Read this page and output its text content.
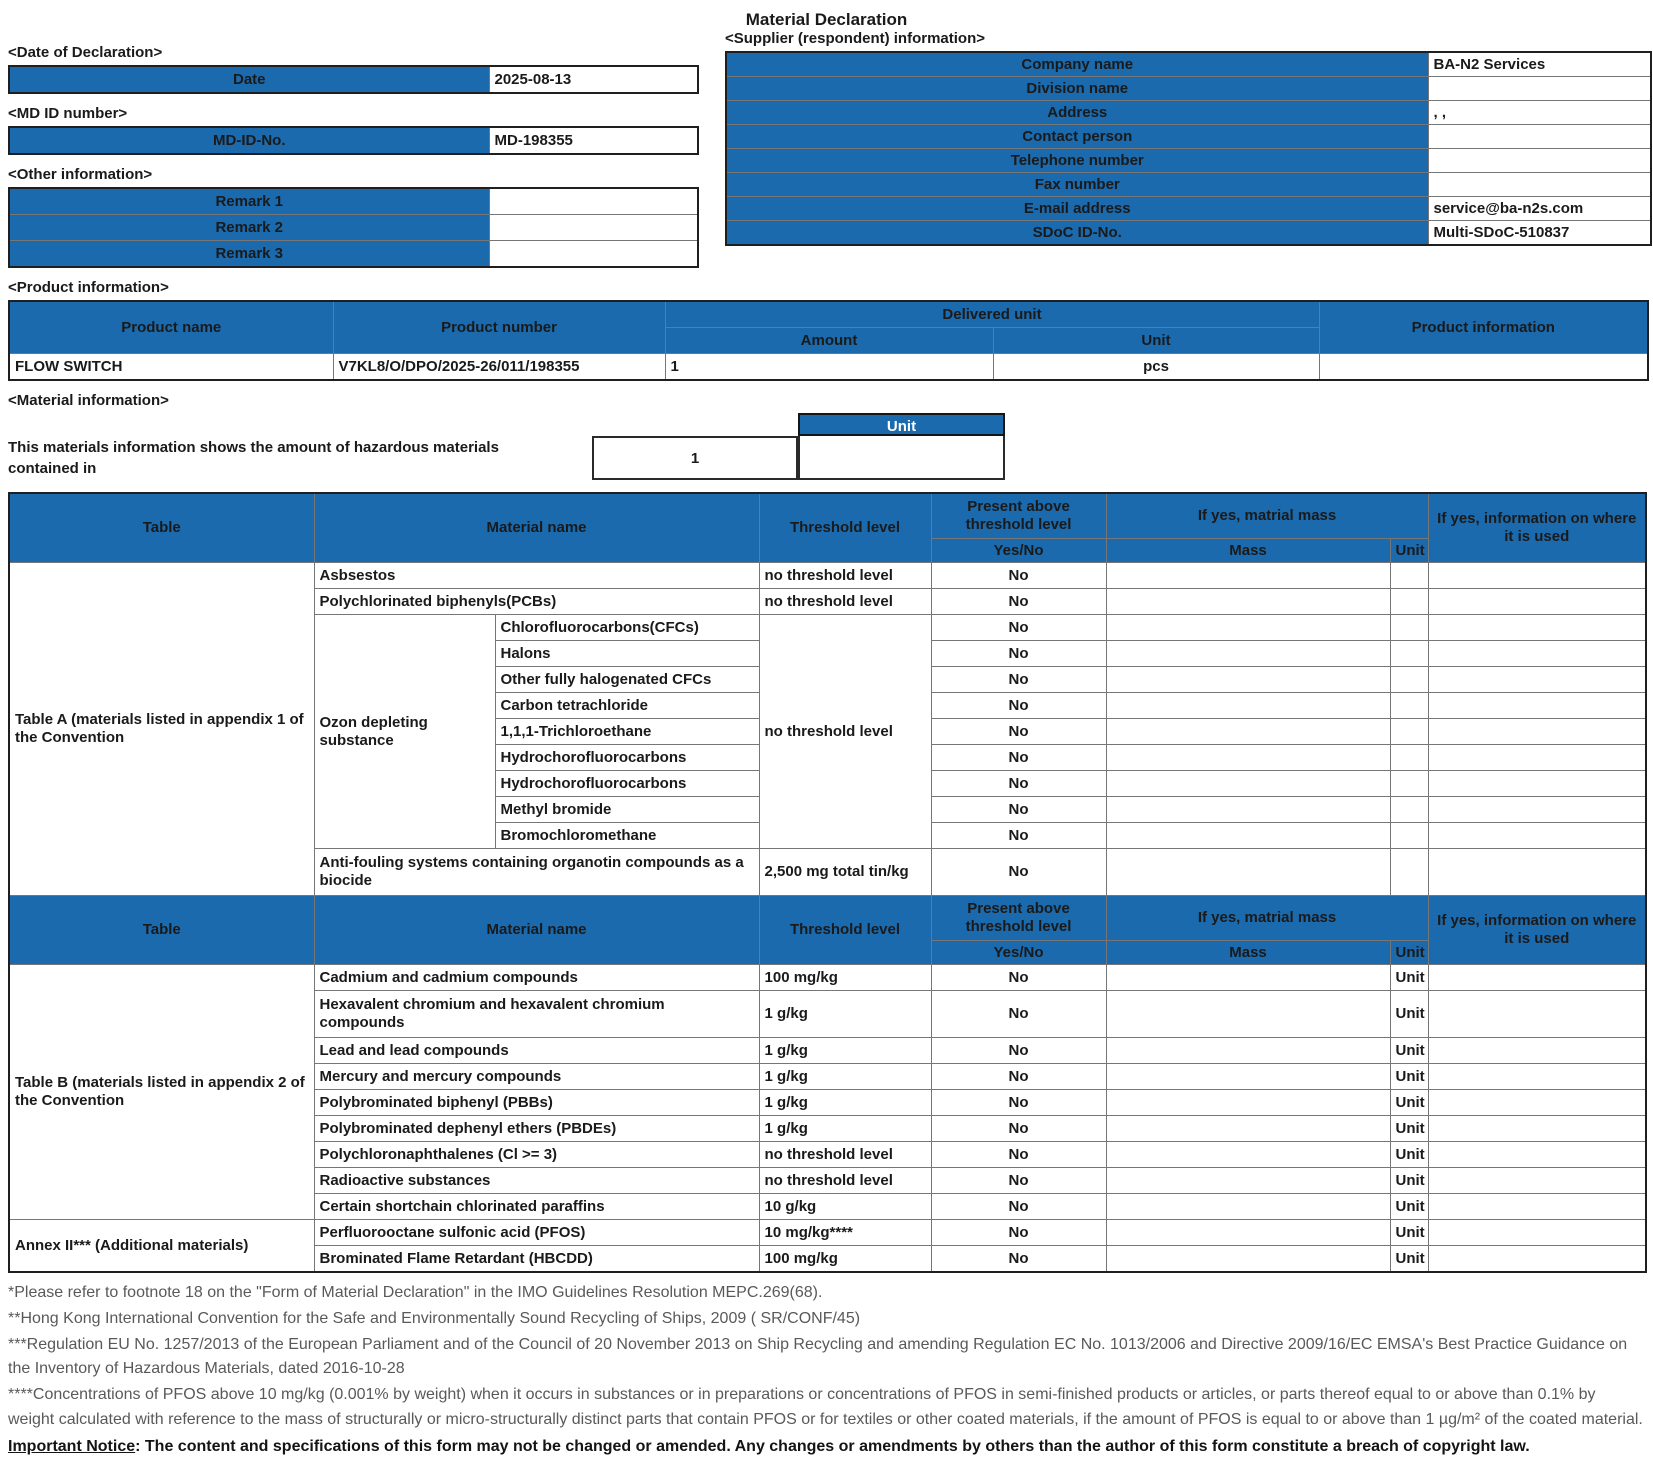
Material Declaration
<Date of Declaration>
Date	2025-08-13
<MD ID number>
MD-ID-No.	MD-198355
<Other information>
Remark 1	
Remark 2	
Remark 3	
<Supplier (respondent) information>
Company name	BA-N2 Services
Division name	
Address	, ,
Contact person	
Telephone number	
Fax number	
E-mail address	service@ba-n2s.com
SDoC ID-No.	Multi-SDoC-510837
<Product information>
Product name	Product number	Delivered unit		Product information
		Amount	Unit	
FLOW SWITCH	V7KL8/O/DPO/2025-26/011/198355	1	pcs	
<Material information>
This materials information shows the amount of hazardous materials
contained in
1
Unit
Table	Material name		Threshold level	Present above threshold level	If yes, matrial mass		If yes, information on where it is used
				Yes/No	Mass	Unit	
Table A (materials listed in appendix 1 of the Convention	Asbsestos		no threshold level	No			
	Polychlorinated biphenyls(PCBs)		no threshold level	No			
	Ozon depleting substance	Chlorofluorocarbons(CFCs)	no threshold level	No			
		Halons		No			
		Other fully halogenated CFCs		No			
		Carbon tetrachloride		No			
		1,1,1-Trichloroethane		No			
		Hydrochorofluorocarbons		No			
		Hydrochorofluorocarbons		No			
		Methyl bromide		No			
		Bromochloromethane		No			
	Anti-fouling systems containing organotin compounds as a biocide		2,500 mg total tin/kg	No			
Table	Material name		Threshold level	Present above threshold level	If yes, matrial mass		If yes, information on where it is used
				Yes/No	Mass	Unit	
Table B (materials listed in appendix 2 of the Convention	Cadmium and cadmium compounds		100 mg/kg	No		Unit	
	Hexavalent chromium and hexavalent chromium compounds		1 g/kg	No		Unit	
	Lead and lead compounds		1 g/kg	No		Unit	
	Mercury and mercury compounds		1 g/kg	No		Unit	
	Polybrominated biphenyl (PBBs)		1 g/kg	No		Unit	
	Polybrominated dephenyl ethers (PBDEs)		1 g/kg	No		Unit	
	Polychloronaphthalenes (Cl >= 3)		no threshold level	No		Unit	
	Radioactive substances		no threshold level	No		Unit	
	Certain shortchain chlorinated paraffins		10 g/kg	No		Unit	
Annex II*** (Additional materials)	Perfluorooctane sulfonic acid (PFOS)		10 mg/kg****	No		Unit	
	Brominated Flame Retardant (HBCDD)		100 mg/kg	No		Unit	
*Please refer to footnote 18 on the "Form of Material Declaration" in the IMO Guidelines Resolution MEPC.269(68).
**Hong Kong International Convention for the Safe and Environmentally Sound Recycling of Ships, 2009 ( SR/CONF/45)
***Regulation EU No. 1257/2013 of the European Parliament and of the Council of 20 November 2013 on Ship Recycling and amending Regulation EC No. 1013/2006 and Directive 2009/16/EC EMSA's Best Practice Guidance on the Inventory of Hazardous Materials, dated 2016-10-28
****Concentrations of PFOS above 10 mg/kg (0.001% by weight) when it occurs in substances or in preparations or concentrations of PFOS in semi-finished products or articles, or parts thereof equal to or above than 0.1% by weight calculated with reference to the mass of structurally or micro-structurally distinct parts that contain PFOS or for textiles or other coated materials, if the amount of PFOS is equal to or above than 1 µg/m² of the coated material.
Important Notice: The content and specifications of this form may not be changed or amended. Any changes or amendments by others than the author of this form constitute a breach of copyright law.
